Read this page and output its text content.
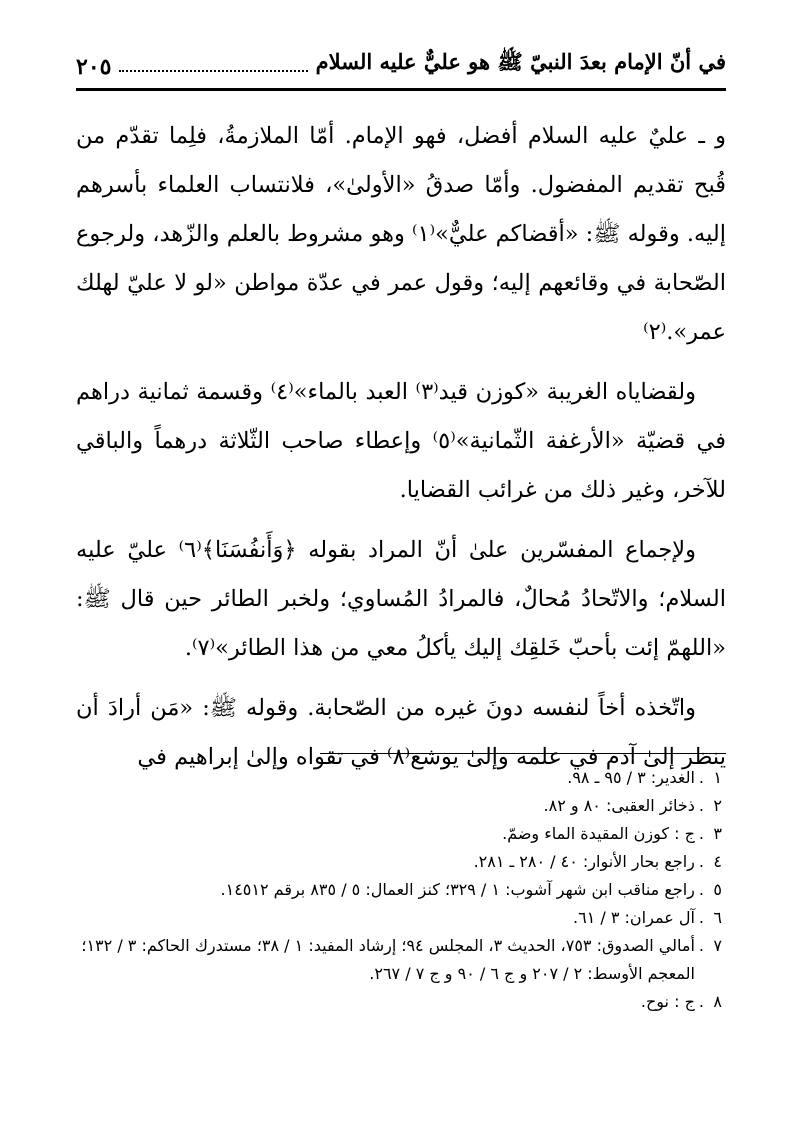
في أنّ الإمام بعدَ النبيّ ﷺ هو عليٌّ عليه السلام
٢٠٥

و ـ عليٌ عليه السلام أفضل، فهو الإمام. أمّا الملازمةُ، فلِما تقدّم من قُبح تقديم المفضول. وأمّا صدقُ «الأولىٰ»، فلانتساب العلماء بأسرهم إليه. وقوله ﷺ: «أقضاكم عليٌّ»⁽١⁾ وهو مشروط بالعلم والزّهد، ولرجوع الصّحابة في وقائعهم إليه؛ وقول عمر في عدّة مواطن «لو لا عليّ لهلك عمر».⁽٢⁾

ولقضاياه الغريبة «كوزن قيد⁽٣⁾ العبد بالماء»⁽٤⁾ وقسمة ثمانية دراهم في قضيّة «الأرغفة الثّمانية»⁽٥⁾ وإعطاء صاحب الثّلاثة درهماً والباقي للآخر، وغير ذلك من غرائب القضايا.

ولإجماع المفسّرين علىٰ أنّ المراد بقوله ﴿وَأَنفُسَنَا﴾⁽٦⁾ عليّ عليه السلام؛ والاتّحادُ مُحالٌ، فالمرادُ المُساوي؛ ولخبر الطائر حين قال ﷺ: «اللهمّ إئت بأحبّ خَلقِك إليك يأكلُ معي من هذا الطائر»⁽٧⁾.

واتّخذه أخاً لنفسه دونَ غيره من الصّحابة. وقوله ﷺ: «مَن أرادَ أن ينظر إلىٰ آدم في علمه وإلىٰ يوشع⁽٨⁾ في تقواه وإلىٰ إبراهيم في

١
.
الغدير: ٣ / ٩٥ ـ ٩٨.
٢
.
ذخائر العقبى: ٨٠ و ٨٢.
٣
.
ج : كوزن المقيدة الماء وضمّ.
٤
.
راجع بحار الأنوار: ٤٠ / ٢٨٠ ـ ٢٨١.
٥
.
راجع مناقب ابن شهر آشوب: ١ / ٣٢٩؛ كنز العمال: ٥ / ٨٣٥ برقم ١٤٥١٢.
٦
.
آل عمران: ٣ / ٦١.
٧
.
أمالي الصدوق: ٧٥٣، الحديث ٣، المجلس ٩٤؛ إرشاد المفيد: ١ / ٣٨؛ مستدرك الحاكم: ٣ / ١٣٢؛ المعجم الأوسط: ٢ / ٢٠٧ و ج ٦ / ٩٠ و ج ٧ / ٢٦٧.
٨
.
ج : نوح.
